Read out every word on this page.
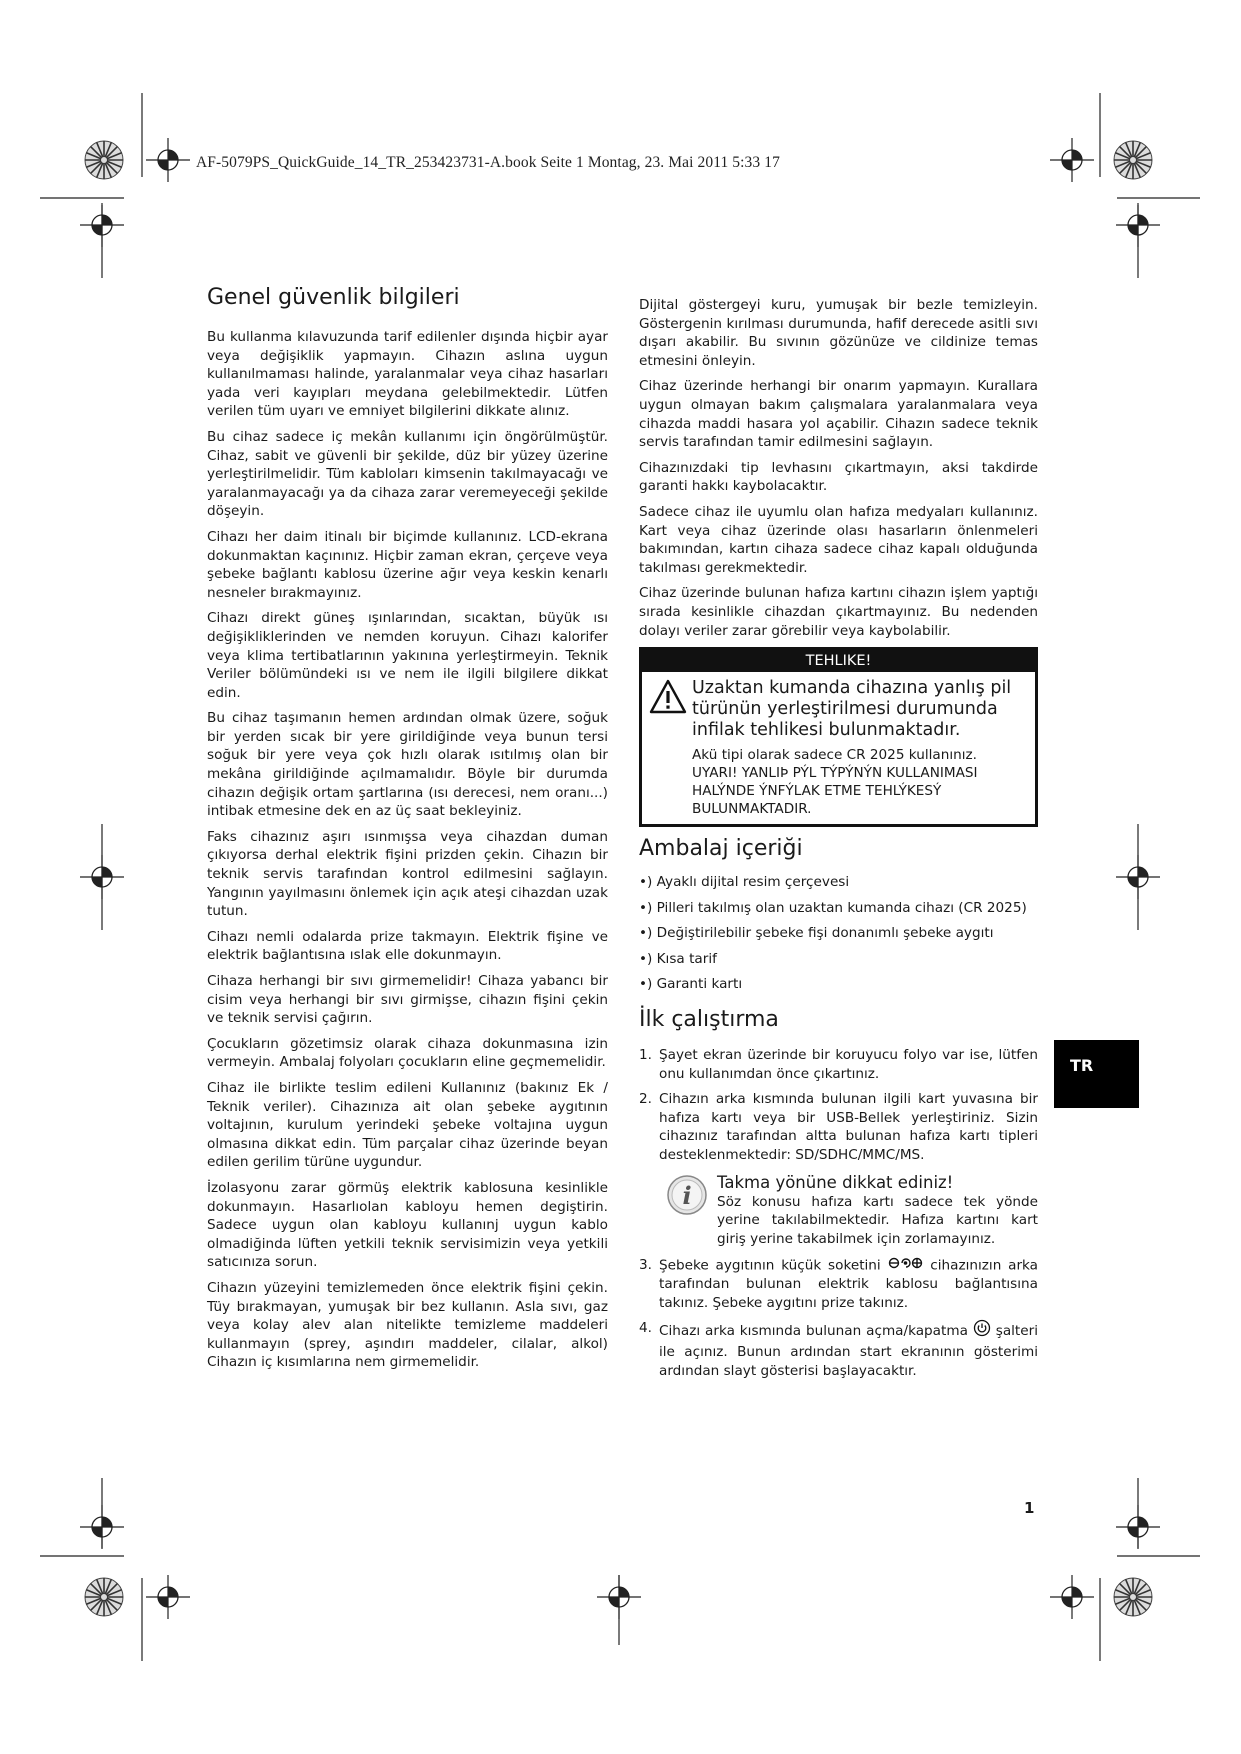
AF-5079PS_QuickGuide_14_TR_253423731-A.book Seite 1 Montag, 23. Mai 2011 5:33 17
Genel güvenlik bilgileri

Bu kullanma kılavuzunda tarif edilenler dışında hiçbir ayar veya değişiklik yapmayın. Cihazın aslına uygun kullanılmaması halinde, yaralanmalar veya cihaz hasarları yada veri kayıpları meydana gelebilmektedir. Lütfen verilen tüm uyarı ve emniyet bilgilerini dikkate alınız.

Bu cihaz sadece iç mekân kullanımı için öngörülmüştür. Cihaz, sabit ve güvenli bir şekilde, düz bir yüzey üzerine yerleştirilmelidir. Tüm kabloları kimsenin takılmayacağı ve yaralanmayacağı ya da cihaza zarar veremeyeceği şekilde döşeyin.

Cihazı her daim itinalı bir biçimde kullanınız. LCD-ekrana dokunmaktan kaçınınız. Hiçbir zaman ekran, çerçeve veya şebeke bağlantı kablosu üzerine ağır veya keskin kenarlı nesneler bırakmayınız.

Cihazı direkt güneş ışınlarından, sıcaktan, büyük ısı değişikliklerinden ve nemden koruyun. Cihazı kalorifer veya klima tertibatlarının yakınına yerleştirmeyin. Teknik Veriler bölümündeki ısı ve nem ile ilgili bilgilere dikkat edin.

Bu cihaz taşımanın hemen ardından olmak üzere, soğuk bir yerden sıcak bir yere girildiğinde veya bunun tersi soğuk bir yere veya çok hızlı olarak ısıtılmış olan bir mekâna girildiğinde açılmamalıdır. Böyle bir durumda cihazın değişik ortam şartlarına (ısı derecesi, nem oranı...) intibak etmesine dek en az üç saat bekleyiniz.

Faks cihazınız aşırı ısınmışsa veya cihazdan duman çıkıyorsa derhal elektrik fişini prizden çekin. Cihazın bir teknik servis tarafından kontrol edilmesini sağlayın. Yangının yayılmasını önlemek için açık ateşi cihazdan uzak tutun.

Cihazı nemli odalarda prize takmayın. Elektrik fişine ve elektrik bağlantısına ıslak elle dokunmayın.

Cihaza herhangi bir sıvı girmemelidir! Cihaza yabancı bir cisim veya herhangi bir sıvı girmişse, cihazın fişini çekin ve teknik servisi çağırın.

Çocukların gözetimsiz olarak cihaza dokunmasına izin vermeyin. Ambalaj folyoları çocukların eline geçmemelidir.

Cihaz ile birlikte teslim edileni Kullanınız (bakınız Ek / Teknik veriler). Cihazınıza ait olan şebeke aygıtının voltajının, kurulum yerindeki şebeke voltajına uygun olmasına dikkat edin. Tüm parçalar cihaz üzerinde beyan edilen gerilim türüne uygundur.

İzolasyonu zarar görmüş elektrik kablosuna kesinlikle dokunmayın. Hasarlıolan kabloyu hemen degiştirin. Sadece uygun olan kabloyu kullanınj uygun kablo olmadiğinda lüften yetkili teknik servisimizin veya yetkili satıcınıza sorun.

Cihazın yüzeyini temizlemeden önce elektrik fişini çekin. Tüy bırakmayan, yumuşak bir bez kullanın. Asla sıvı, gaz veya kolay alev alan nitelikte temizleme maddeleri kullanmayın (sprey, aşındırı maddeler, cilalar, alkol) Cihazın iç kısımlarına nem girmemelidir.

Dijital göstergeyi kuru, yumuşak bir bezle temizleyin. Göstergenin kırılması durumunda, hafif derecede asitli sıvı dışarı akabilir. Bu sıvının gözünüze ve cildinize temas etmesini önleyin.

Cihaz üzerinde herhangi bir onarım yapmayın. Kurallara uygun olmayan bakım çalışmalara yaralanmalara veya cihazda maddi hasara yol açabilir. Cihazın sadece teknik servis tarafından tamir edilmesini sağlayın.

Cihazınızdaki tip levhasını çıkartmayın, aksi takdirde garanti hakkı kaybolacaktır.

Sadece cihaz ile uyumlu olan hafıza medyaları kullanınız. Kart veya cihaz üzerinde olası hasarların önlenmeleri bakımından, kartın cihaza sadece cihaz kapalı olduğunda takılması gerekmektedir.

Cihaz üzerinde bulunan hafıza kartını cihazın işlem yaptığı sırada kesinlikle cihazdan çıkartmayınız. Bu nedenden dolayı veriler zarar görebilir veya kaybolabilir.

TEHLIKE!
Uzaktan kumanda cihazına yanlış pil türünün yerleştirilmesi durumunda infilak tehlikesi bulunmaktadır.
Akü tipi olarak sadece CR 2025 kullanınız.
UYARI! YANLIÞ PÝL TÝPÝNÝN KULLANIMASI HALÝNDE ÝNFÝLAK ETME TEHLÝKESÝ BULUNMAKTADIR.
Ambalaj içeriği
•) Ayaklı dijital resim çerçevesi
•) Pilleri takılmış olan uzaktan kumanda cihazı (CR 2025)
•) Değiştirilebilir şebeke fişi donanımlı şebeke aygıtı
•) Kısa tarif
•) Garanti kartı
İlk çalıştırma
1. Şayet ekran üzerinde bir koruyucu folyo var ise, lütfen onu kullanımdan önce çıkartınız.
2. Cihazın arka kısmında bulunan ilgili kart yuvasına bir hafıza kartı veya bir USB-Bellek yerleştiriniz. Sizin cihazınız tarafından altta bulunan hafıza kartı tipleri desteklenmektedir: SD/SDHC/MMC/MS.
i Takma yönüne dikkat ediniz!
Söz konusu hafıza kartı sadece tek yönde yerine takılabilmektedir. Hafıza kartını kart giriş yerine takabilmek için zorlamayınız.
3. Şebeke aygıtının küçük soketini	cihazınızın arka tarafından bulunan elektrik kablosu bağlantısına takınız. Şebeke aygıtını prize takınız.
4. Cihazı arka kısmında bulunan açma/kapatma şalteri ile açınız. Bunun ardından start ekranının gösterimi ardından slayt gösterisi başlayacaktır.
TR
1
